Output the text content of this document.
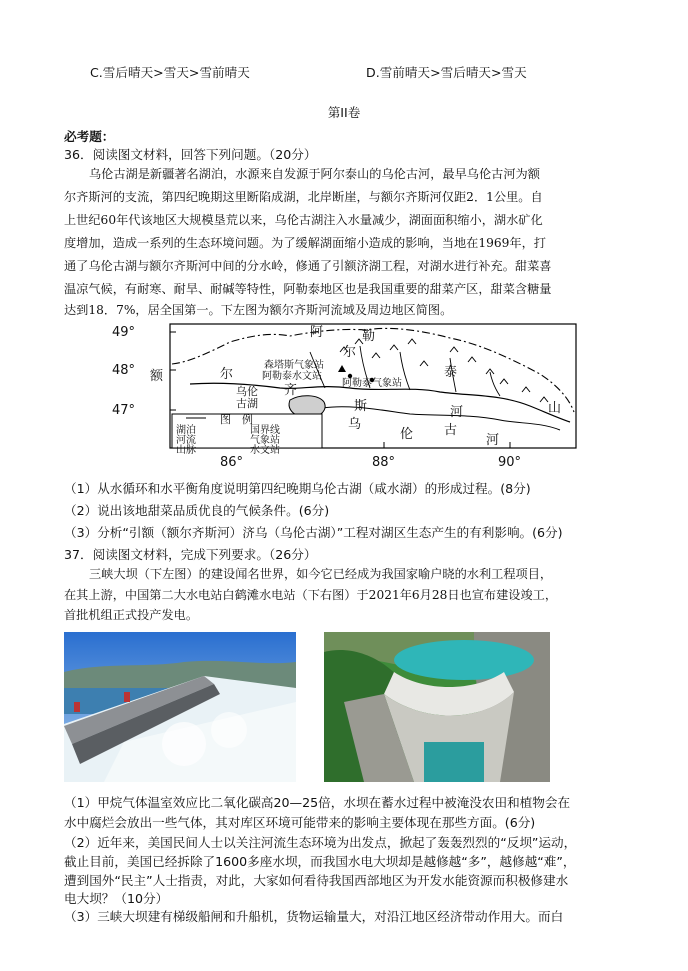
C.雪后晴天>雪天>雪前晴天	D.雪前晴天>雪后晴天>雪天
第II卷
必考题：
36．阅读图文材料，回答下列问题。（20分）
乌伦古湖是新疆著名湖泊，水源来自发源于阿尔泰山的乌伦古河，最早乌伦古河为额
尔齐斯河的支流，第四纪晚期这里断陷成湖，北岸断崖，与额尔齐斯河仅距2．1公里。自
上世纪60年代该地区大规模垦荒以来，乌伦古湖注入水量减少，湖面面积缩小，湖水矿化
度增加，造成一系列的生态环境问题。为了缓解湖面缩小造成的影响，当地在1969年，打
通了乌伦古湖与额尔齐斯河中间的分水岭，修通了引额济湖工程，对湖水进行补充。甜菜喜
温凉气候，有耐寒、耐旱、耐碱等特性，阿勒泰地区也是我国重要的甜菜产区，甜菜含糖量
达到18．7%，居全国第一。下左图为额尔齐斯河流域及周边地区简图。
49°
48°
47°
86°	88°	90°
阿	勒
尔
泰
山
额	尔
齐
斯	河
乌
伦 古
河
乌伦
古湖
森塔斯气象站
阿勒泰水文站
阿勒泰气象站
图　例
湖泊
河流
山脉
国界线
气象站
水文站
（1）从水循环和水平衡角度说明第四纪晚期乌伦古湖（咸水湖）的形成过程。(8分)
（2）说出该地甜菜品质优良的气候条件。(6分)
（3）分析“引额（额尔齐斯河）济乌（乌伦古湖）”工程对湖区生态产生的有利影响。(6分)
37．阅读图文材料，完成下列要求。（26分）
三峡大坝（下左图）的建设闻名世界，如今它已经成为我国家喻户晓的水利工程项目，
在其上游，中国第二大水电站白鹤滩水电站（下右图）于2021年6月28日也宣布建设竣工，
首批机组正式投产发电。
（1）甲烷气体温室效应比二氧化碳高20—25倍，水坝在蓄水过程中被淹没农田和植物会在
水中腐烂会放出一些气体，其对库区环境可能带来的影响主要体现在那些方面。(6分)
（2）近年来，美国民间人士以关注河流生态环境为出发点，掀起了轰轰烈烈的“反坝”运动，
截止目前，美国已经拆除了1600多座水坝，而我国水电大坝却是越修越“多”，越修越“难”，
遭到国外“民主”人士指责，对此，大家如何看待我国西部地区为开发水能资源而积极修建水
电大坝？（10分）
（3）三峡大坝建有梯级船闸和升船机，货物运输量大，对沿江地区经济带动作用大。而白
